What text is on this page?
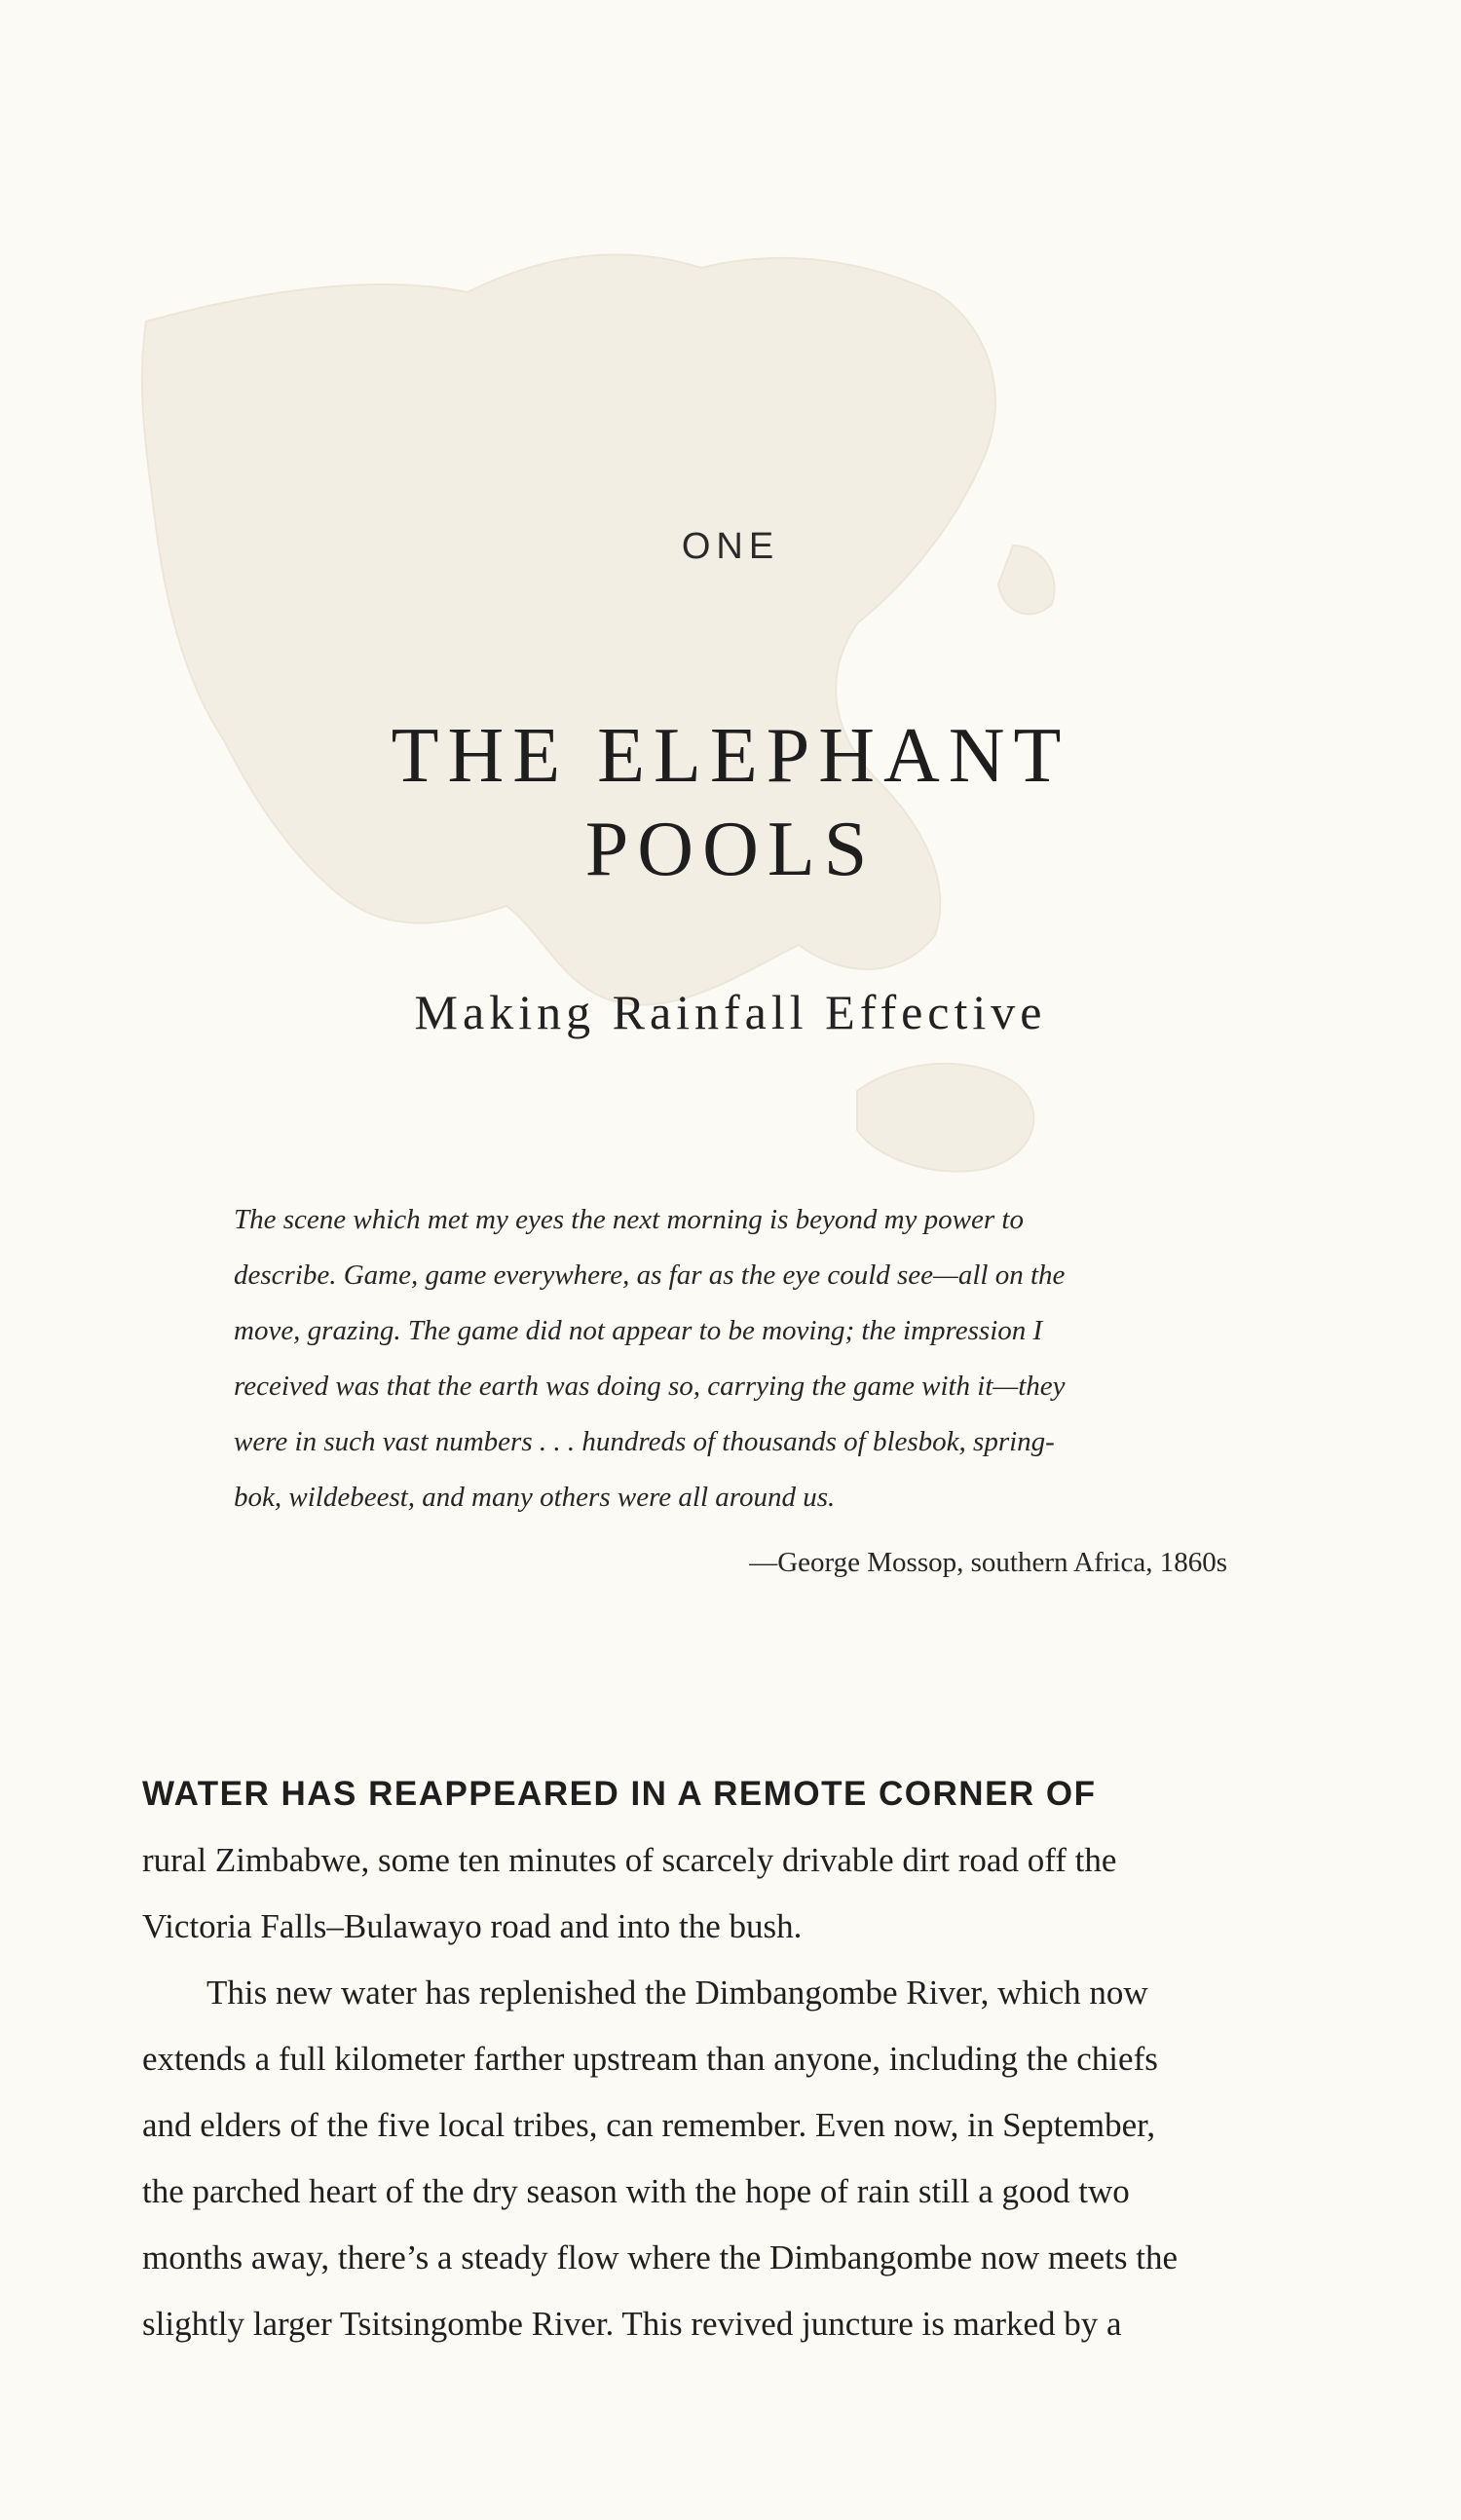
ONE
THE ELEPHANT
POOLS
Making Rainfall Effective

The scene which met my eyes the next morning is beyond my power to
describe. Game, game everywhere, as far as the eye could see—all on the
move, grazing. The game did not appear to be moving; the impression I
received was that the earth was doing so, carrying the game with it—they
were in such vast numbers . . . hundreds of thousands of blesbok, spring-
bok, wildebeest, and many others were all around us.

—George Mossop, southern Africa, 1860s

WATER HAS REAPPEARED IN A REMOTE CORNER OF
rural Zimbabwe, some ten minutes of scarcely drivable dirt road off the
Victoria Falls–Bulawayo road and into the bush.

This new water has replenished the Dimbangombe River, which now
extends a full kilometer farther upstream than anyone, including the chiefs
and elders of the five local tribes, can remember. Even now, in September,
the parched heart of the dry season with the hope of rain still a good two
months away, there’s a steady flow where the Dimbangombe now meets the
slightly larger Tsitsingombe River. This revived juncture is marked by a
